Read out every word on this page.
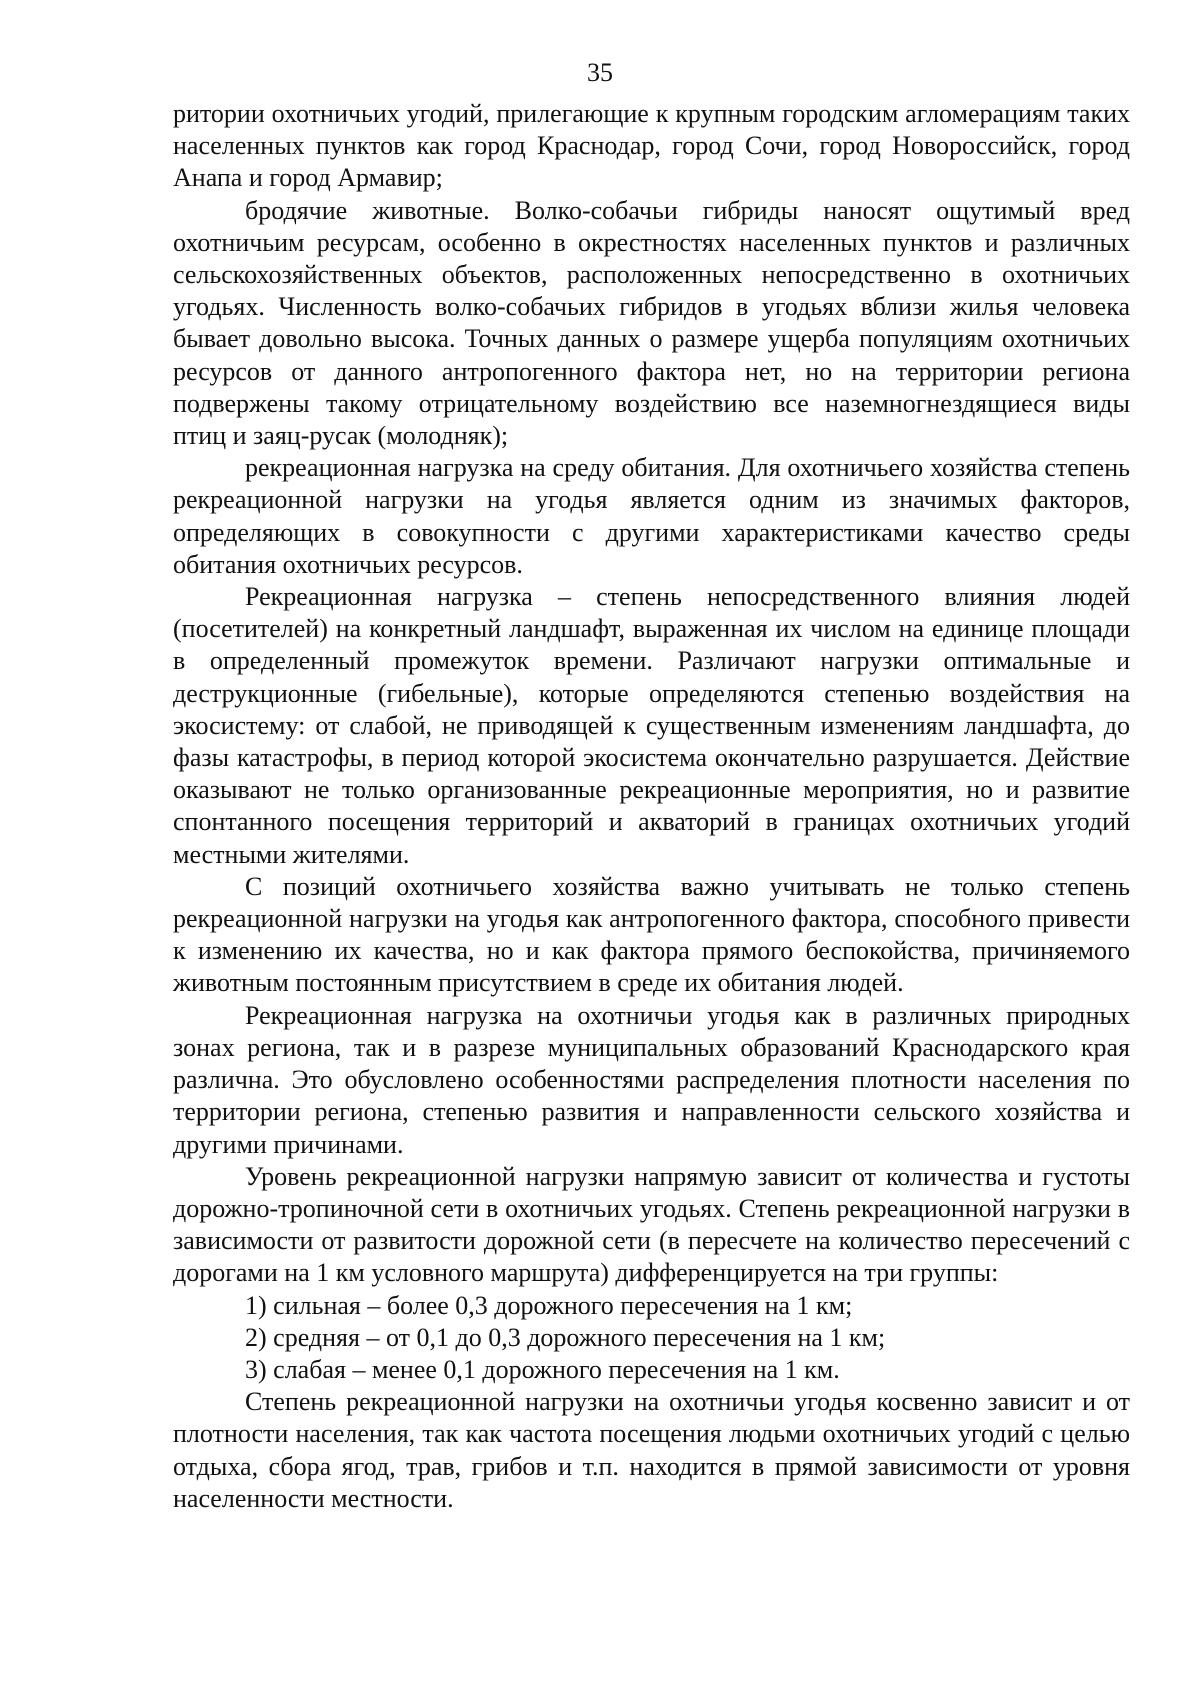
35

ритории охотничьих угодий, прилегающие к крупным городским агломерациям таких населенных пунктов как город Краснодар, город Сочи, город Новороссийск, город Анапа и город Армавир;

бродячие животные. Волко-собачьи гибриды наносят ощутимый вред охотничьим ресурсам, особенно в окрестностях населенных пунктов и различных сельскохозяйственных объектов, расположенных непосредственно в охотничьих угодьях. Численность волко-собачьих гибридов в угодьях вблизи жилья человека бывает довольно высока. Точных данных о размере ущерба популяциям охотничьих ресурсов от данного антропогенного фактора нет, но на территории региона подвержены такому отрицательному воздействию все наземногнездящиеся виды птиц и заяц-русак (молодняк);

рекреационная нагрузка на среду обитания. Для охотничьего хозяйства степень рекреационной нагрузки на угодья является одним из значимых факторов, определяющих в совокупности с другими характеристиками качество среды обитания охотничьих ресурсов.

Рекреационная нагрузка – степень непосредственного влияния людей (посетителей) на конкретный ландшафт, выраженная их числом на единице площади в определенный промежуток времени. Различают нагрузки оптимальные и деструкционные (гибельные), которые определяются степенью воздействия на экосистему: от слабой, не приводящей к существенным изменениям ландшафта, до фазы катастрофы, в период которой экосистема окончательно разрушается. Действие оказывают не только организованные рекреационные мероприятия, но и развитие спонтанного посещения территорий и акваторий в границах охотничьих угодий местными жителями.

С позиций охотничьего хозяйства важно учитывать не только степень рекреационной нагрузки на угодья как антропогенного фактора, способного привести к изменению их качества, но и как фактора прямого беспокойства, причиняемого животным постоянным присутствием в среде их обитания людей.

Рекреационная нагрузка на охотничьи угодья как в различных природных зонах региона, так и в разрезе муниципальных образований Краснодарского края различна. Это обусловлено особенностями распределения плотности населения по территории региона, степенью развития и направленности сельского хозяйства и другими причинами.

Уровень рекреационной нагрузки напрямую зависит от количества и густоты дорожно-тропиночной сети в охотничьих угодьях. Степень рекреационной нагрузки в зависимости от развитости дорожной сети (в пересчете на количество пересечений с дорогами на 1 км условного маршрута) дифференцируется на три группы:

1) сильная – более 0,3 дорожного пересечения на 1 км;

2) средняя – от 0,1 до 0,3 дорожного пересечения на 1 км;

3) слабая – менее 0,1 дорожного пересечения на 1 км.

Степень рекреационной нагрузки на охотничьи угодья косвенно зависит и от плотности населения, так как частота посещения людьми охотничьих угодий с целью отдыха, сбора ягод, трав, грибов и т.п. находится в прямой зависимости от уровня населенности местности.
